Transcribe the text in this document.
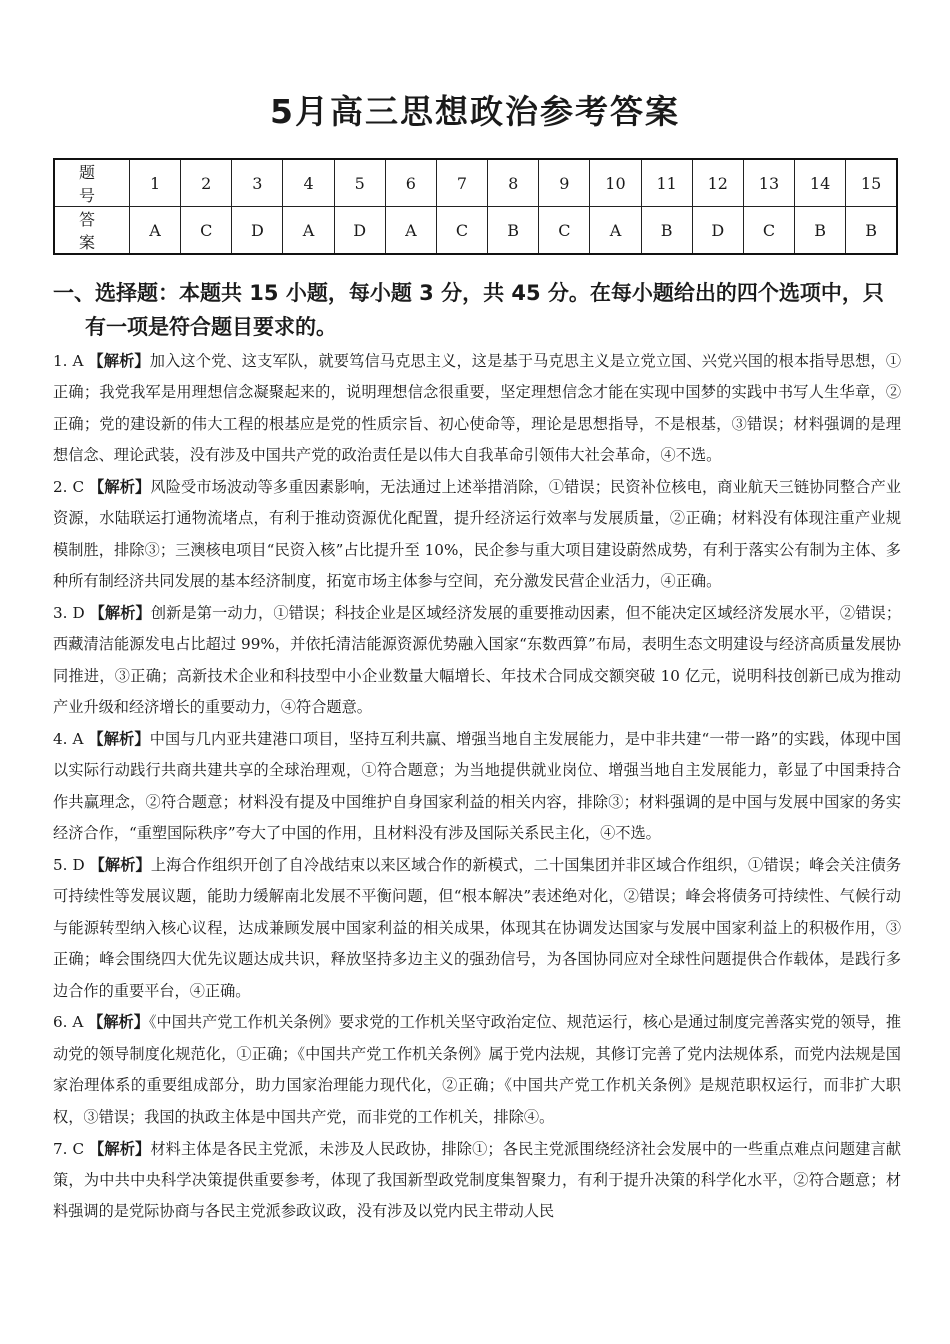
5月高三思想政治参考答案
题　号	1	2	3	4	5	6	7	8	9	10	11	12	13	14	15
答　案	A	C	D	A	D	A	C	B	C	A	B	D	C	B	B
一、选择题：本题共 15 小题，每小题 3 分，共 45 分。在每小题给出的四个选项中，只
有一项是符合题目要求的。

1. A 【解析】加入这个党、这支军队，就要笃信马克思主义，这是基于马克思主义是立党立国、兴党兴国的根本指导思想，①正确；我党我军是用理想信念凝聚起来的，说明理想信念很重要，坚定理想信念才能在实现中国梦的实践中书写人生华章，②正确；党的建设新的伟大工程的根基应是党的性质宗旨、初心使命等，理论是思想指导，不是根基，③错误；材料强调的是理想信念、理论武装，没有涉及中国共产党的政治责任是以伟大自我革命引领伟大社会革命，④不选。

2. C 【解析】风险受市场波动等多重因素影响，无法通过上述举措消除，①错误；民资补位核电，商业航天三链协同整合产业资源，水陆联运打通物流堵点，有利于推动资源优化配置，提升经济运行效率与发展质量，②正确；材料没有体现注重产业规模制胜，排除③；三澳核电项目“民资入核”占比提升至 10%，民企参与重大项目建设蔚然成势，有利于落实公有制为主体、多种所有制经济共同发展的基本经济制度，拓宽市场主体参与空间，充分激发民营企业活力，④正确。

3. D 【解析】创新是第一动力，①错误；科技企业是区域经济发展的重要推动因素，但不能决定区域经济发展水平，②错误；西藏清洁能源发电占比超过 99%，并依托清洁能源资源优势融入国家“东数西算”布局，表明生态文明建设与经济高质量发展协同推进，③正确；高新技术企业和科技型中小企业数量大幅增长、年技术合同成交额突破 10 亿元，说明科技创新已成为推动产业升级和经济增长的重要动力，④符合题意。

4. A 【解析】中国与几内亚共建港口项目，坚持互利共赢、增强当地自主发展能力，是中非共建“一带一路”的实践，体现中国以实际行动践行共商共建共享的全球治理观，①符合题意；为当地提供就业岗位、增强当地自主发展能力，彰显了中国秉持合作共赢理念，②符合题意；材料没有提及中国维护自身国家利益的相关内容，排除③；材料强调的是中国与发展中国家的务实经济合作，“重塑国际秩序”夸大了中国的作用，且材料没有涉及国际关系民主化，④不选。

5. D 【解析】上海合作组织开创了自冷战结束以来区域合作的新模式，二十国集团并非区域合作组织，①错误；峰会关注债务可持续性等发展议题，能助力缓解南北发展不平衡问题，但“根本解决”表述绝对化，②错误；峰会将债务可持续性、气候行动与能源转型纳入核心议程，达成兼顾发展中国家利益的相关成果，体现其在协调发达国家与发展中国家利益上的积极作用，③正确；峰会围绕四大优先议题达成共识，释放坚持多边主义的强劲信号，为各国协同应对全球性问题提供合作载体，是践行多边合作的重要平台，④正确。

6. A 【解析】《中国共产党工作机关条例》要求党的工作机关坚守政治定位、规范运行，核心是通过制度完善落实党的领导，推动党的领导制度化规范化，①正确；《中国共产党工作机关条例》属于党内法规，其修订完善了党内法规体系，而党内法规是国家治理体系的重要组成部分，助力国家治理能力现代化，②正确；《中国共产党工作机关条例》是规范职权运行，而非扩大职权，③错误；我国的执政主体是中国共产党，而非党的工作机关，排除④。

7. C 【解析】材料主体是各民主党派，未涉及人民政协，排除①；各民主党派围绕经济社会发展中的一些重点难点问题建言献策，为中共中央科学决策提供重要参考，体现了我国新型政党制度集智聚力，有利于提升决策的科学化水平，②符合题意；材料强调的是党际协商与各民主党派参政议政，没有涉及以党内民主带动人民
